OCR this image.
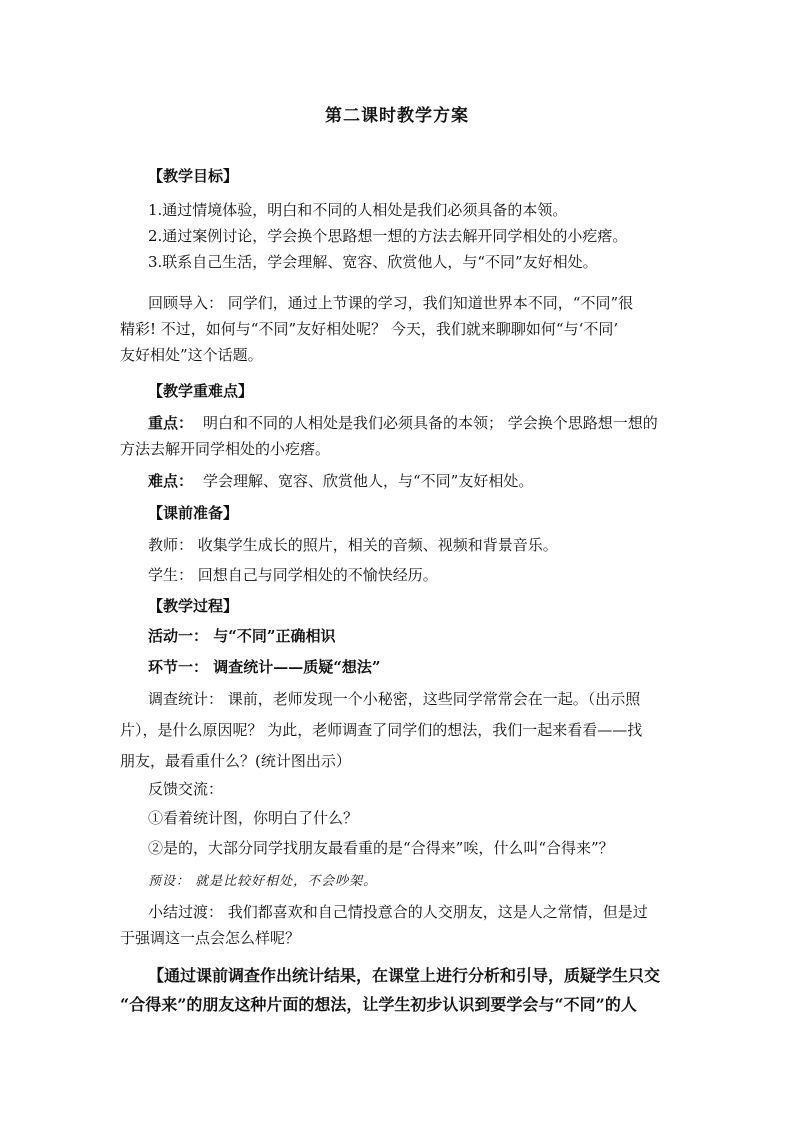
第二课时教学方案
【教学目标】
1.通过情境体验，明白和不同的人相处是我们必须具备的本领。
2.通过案例讨论，学会换个思路想一想的方法去解开同学相处的小疙瘩。
3.联系自己生活，学会理解、宽容、欣赏他人，与“不同”友好相处。
回顾导入： 同学们，通过上节课的学习，我们知道世界本不同，“不同”很
精彩! 不过，如何与“不同”友好相处呢？ 今天，我们就来聊聊如何“与‘不同’
友好相处”这个话题。
【教学重难点】
重点： 明白和不同的人相处是我们必须具备的本领； 学会换个思路想一想的
方法去解开同学相处的小疙瘩。
难点： 学会理解、宽容、欣赏他人，与“不同”友好相处。
【课前准备】
教师： 收集学生成长的照片，相关的音频、视频和背景音乐。
学生： 回想自己与同学相处的不愉快经历。
【教学过程】
活动一： 与“不同”正确相识
环节一： 调查统计——质疑“想法”
调查统计： 课前，老师发现一个小秘密，这些同学常常会在一起。（出示照
片），是什么原因呢？ 为此，老师调查了同学们的想法，我们一起来看看——找
朋友，最看重什么？(统计图出示）
反馈交流：
①看着统计图，你明白了什么？
②是的，大部分同学找朋友最看重的是“合得来”唉，什么叫“合得来”？
预设： 就是比较好相处，不会吵架。
小结过渡： 我们都喜欢和自己情投意合的人交朋友，这是人之常情，但是过
于强调这一点会怎么样呢？
【通过课前调查作出统计结果，在课堂上进行分析和引导，质疑学生只交
“合得来”的朋友这种片面的想法，让学生初步认识到要学会与“不同”的人
